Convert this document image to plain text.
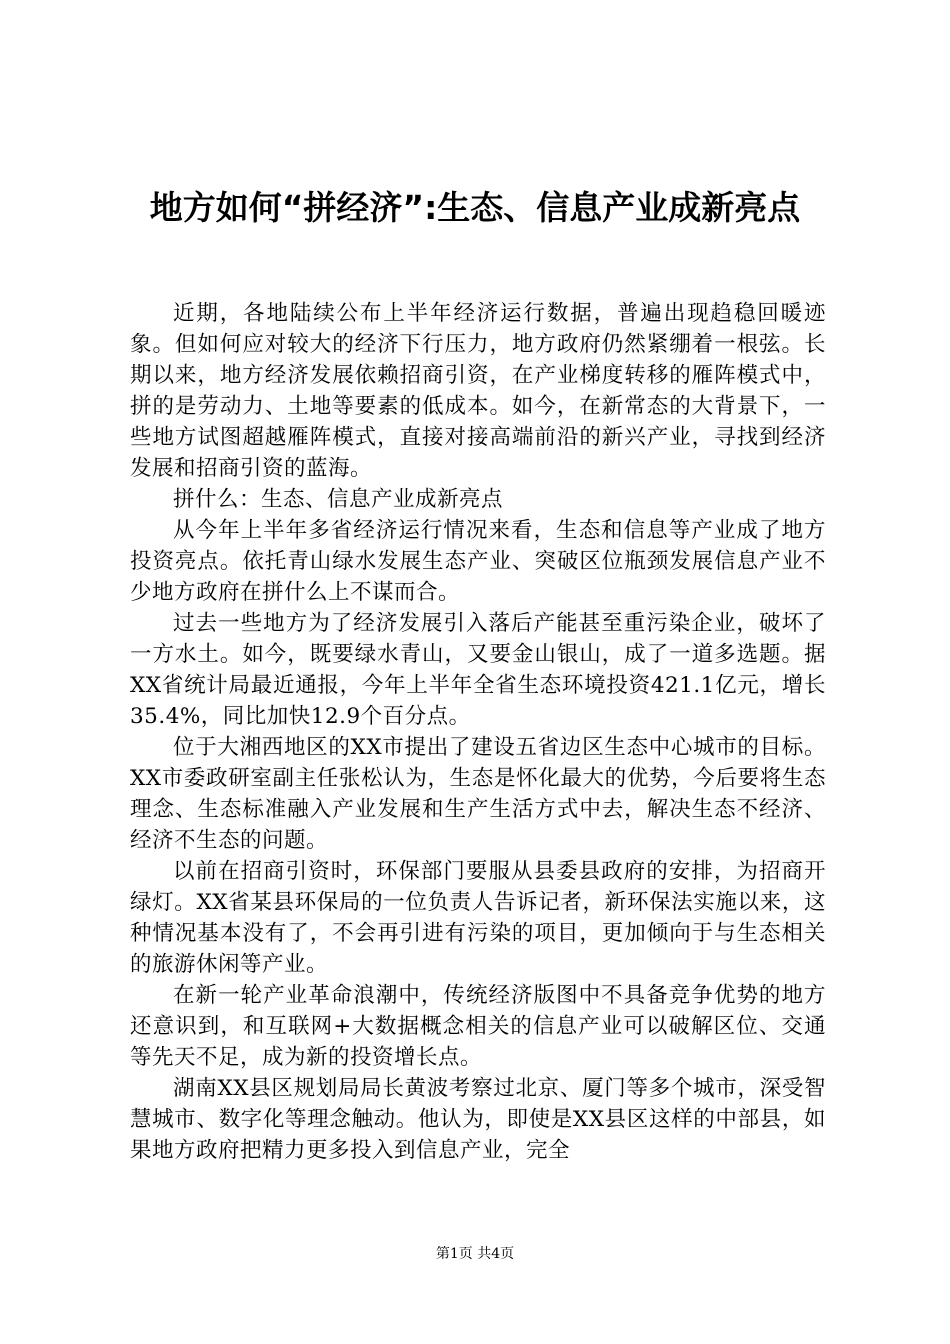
地方如何“拼经济”:生态、信息产业成新亮点

近期，各地陆续公布上半年经济运行数据，普遍出现趋稳回暖迹象。但如何应对较大的经济下行压力，地方政府仍然紧绷着一根弦。长期以来，地方经济发展依赖招商引资，在产业梯度转移的雁阵模式中，拼的是劳动力、土地等要素的低成本。如今，在新常态的大背景下，一些地方试图超越雁阵模式，直接对接高端前沿的新兴产业，寻找到经济发展和招商引资的蓝海。

拼什么：生态、信息产业成新亮点

从今年上半年多省经济运行情况来看，生态和信息等产业成了地方投资亮点。依托青山绿水发展生态产业、突破区位瓶颈发展信息产业不少地方政府在拼什么上不谋而合。

过去一些地方为了经济发展引入落后产能甚至重污染企业，破坏了一方水土。如今，既要绿水青山，又要金山银山，成了一道多选题。据XX省统计局最近通报，今年上半年全省生态环境投资421.1亿元，增长35.4%，同比加快12.9个百分点。

位于大湘西地区的XX市提出了建设五省边区生态中心城市的目标。XX市委政研室副主任张松认为，生态是怀化最大的优势，今后要将生态理念、生态标准融入产业发展和生产生活方式中去，解决生态不经济、经济不生态的问题。

以前在招商引资时，环保部门要服从县委县政府的安排，为招商开绿灯。XX省某县环保局的一位负责人告诉记者，新环保法实施以来，这种情况基本没有了，不会再引进有污染的项目，更加倾向于与生态相关的旅游休闲等产业。

在新一轮产业革命浪潮中，传统经济版图中不具备竞争优势的地方还意识到，和互联网+大数据概念相关的信息产业可以破解区位、交通等先天不足，成为新的投资增长点。

湖南XX县区规划局局长黄波考察过北京、厦门等多个城市，深受智慧城市、数字化等理念触动。他认为，即使是XX县区这样的中部县，如果地方政府把精力更多投入到信息产业，完全

第1页 共4页
